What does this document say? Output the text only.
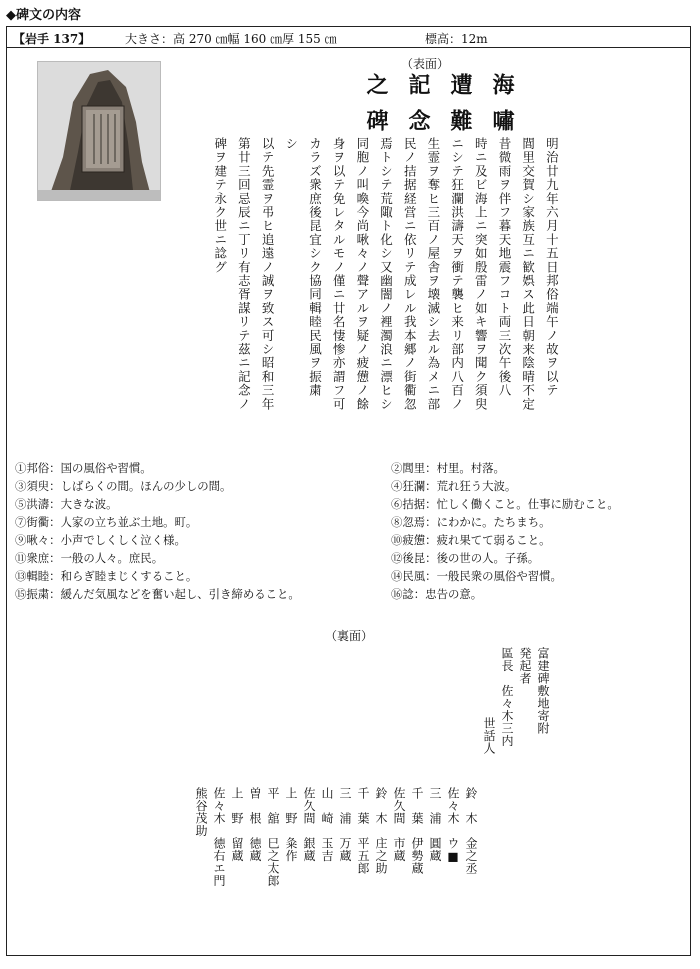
◆碑文の内容
【岩手 137】	大きさ：高 270 ㎝幅 160 ㎝厚 155 ㎝	標高：12m
（表面）
海嘯
遭難
記念
之碑
明治廿九年六月十五日邦俗端午ノ故ヲ以テ
閭里交賀シ家族互ニ歓娯ス此日朝来陰晴不定
昔微雨ヲ伴フ暮天地震フコト両三次午後八
時ニ及ビ海上ニ突如殷雷ノ如キ響ヲ聞ク須臾
ニシテ狂瀾洪濤天ヲ衝テ襲ヒ来リ部内八百ノ
生霊ヲ奪ヒ三百ノ屋舎ヲ壊滅シ去ル為メニ部
民ノ拮据経営ニ依リテ成レル我本郷ノ街衢忽
焉トシテ荒陬ト化シ又幽闇ノ裡濁浪ニ漂ヒシ
同胞ノ叫喚今尚啾々ノ聲アルヲ疑ノ疲憊ノ餘
身ヲ以テ免レタルモノ僅ニ廿名悽惨亦謂フ可
カラズ衆庶後昆宜シク協同輯睦民風ヲ振粛
シ
以テ先霊ヲ弔ヒ追遠ノ誠ヲ致ス可シ昭和三年
第廿三回忌辰ニ丁リ有志胥謀リテ茲ニ記念ノ
碑ヲ建テ永ク世ニ諗グ
①邦俗：国の風俗や習慣。
③須臾：しばらくの間。ほんの少しの間。
⑤洪濤：大きな波。
⑦街衢：人家の立ち並ぶ土地。町。
⑨啾々：小声でしくしく泣く様。
⑪衆庶：一般の人々。庶民。
⑬輯睦：和らぎ睦まじくすること。
⑮振粛：緩んだ気風などを奮い起し、引き締めること。
②閭里：村里。村落。
④狂瀾：荒れ狂う大波。
⑥拮据：忙しく働くこと。仕事に励むこと。
⑧忽焉：にわかに。たちまち。
⑩疲憊：疲れ果てて弱ること。
⑫後昆：後の世の人。子孫。
⑭民風：一般民衆の風俗や習慣。
⑯諗：忠告の意。
（裏面）
富建碑敷地寄附
発起者
區長　佐々木三内
世話人
鈴　木　金之丞
佐々木　ウ■
三　浦　圓蔵
千　葉　伊勢蔵
佐久間　市蔵
鈴　木　庄之助
千　葉　平五郎
三　浦　万蔵
山　崎　玉吉
佐久間　銀蔵
上　野　粂作
平　舘　巳之太郎
曽　根　徳蔵
上　野　留蔵
佐々木　徳右エ門
熊谷茂助
